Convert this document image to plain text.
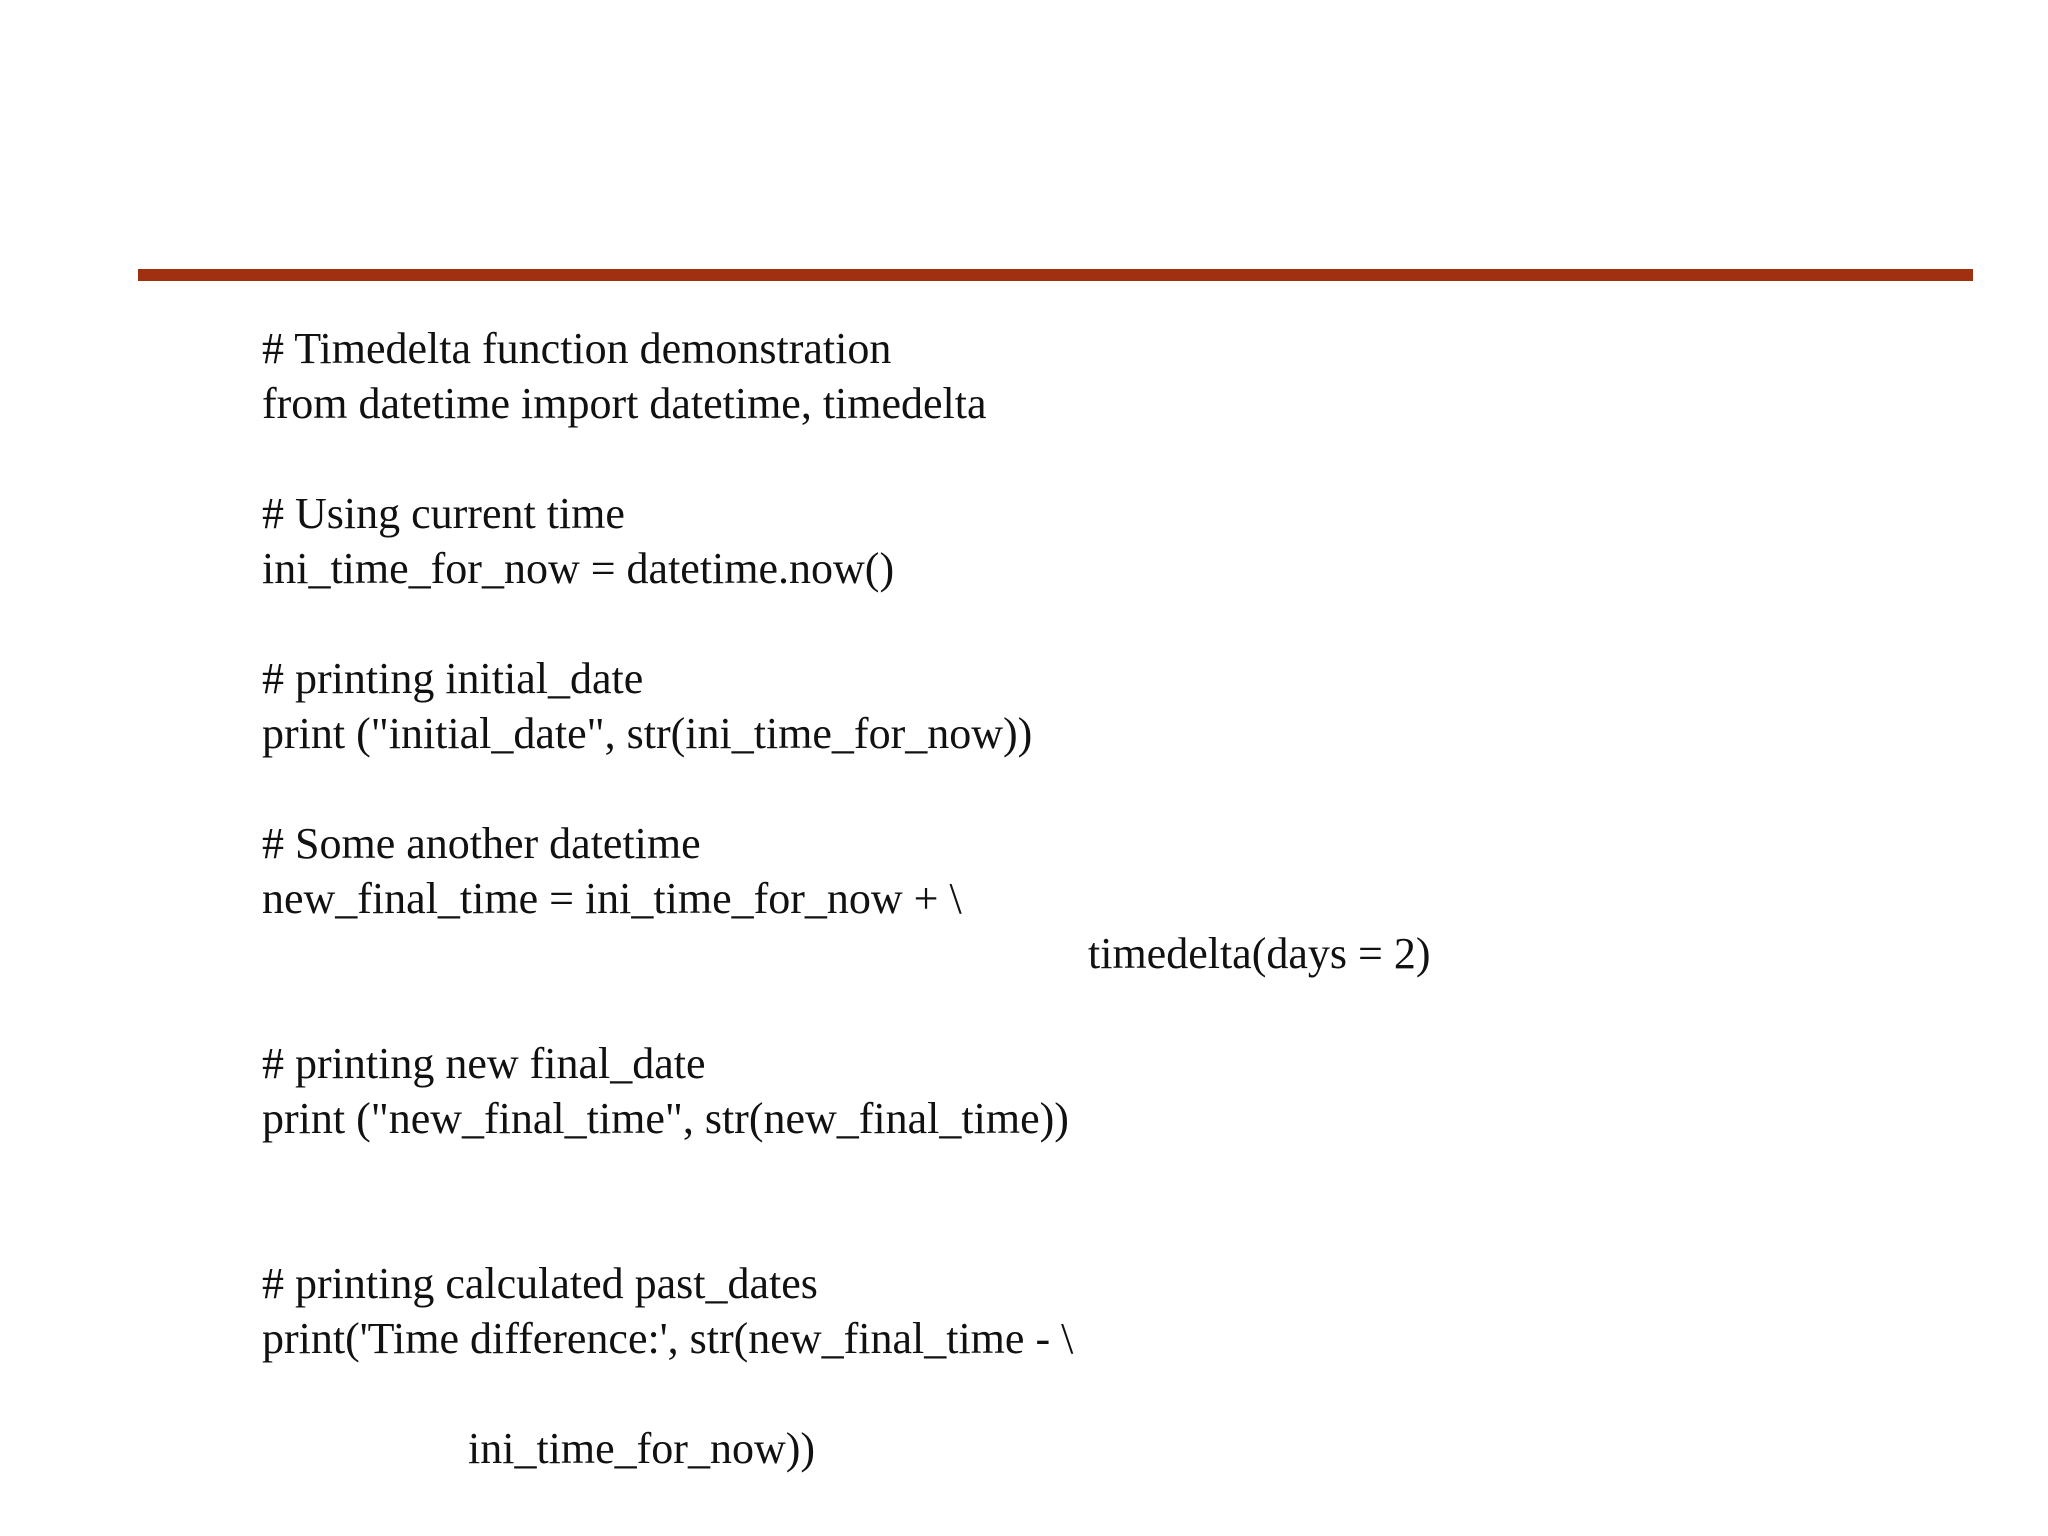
# Timedelta function demonstration
from datetime import datetime, timedelta
# Using current time
ini_time_for_now = datetime.now()
# printing initial_date
print ("initial_date", str(ini_time_for_now))
# Some another datetime
new_final_time = ini_time_for_now + \
timedelta(days = 2)
# printing new final_date
print ("new_final_time", str(new_final_time))
# printing calculated past_dates
print('Time difference:', str(new_final_time - \
ini_time_for_now))
